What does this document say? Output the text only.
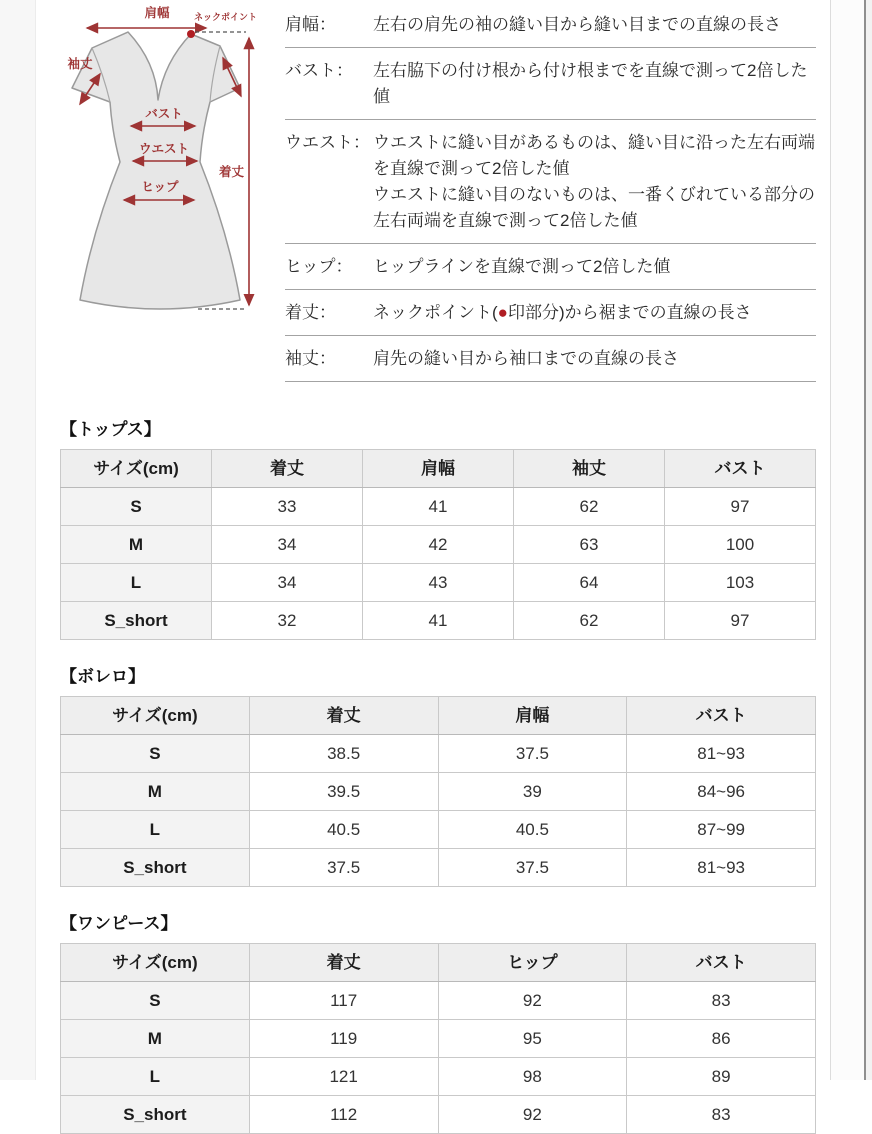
肩幅	ネックポイント
袖丈
バスト
ウエスト
ヒップ
着丈
肩幅：	左右の肩先の袖の縫い目から縫い目までの直線の長さ
バスト：	左右脇下の付け根から付け根までを直線で測って2倍した値
ウエスト： ウエストに縫い目があるものは、縫い目に沿った左右両端
を直線で測って2倍した値
ウエストに縫い目のないものは、一番くびれている部分の
左右両端を直線で測って2倍した値
ヒップ：	ヒップラインを直線で測って2倍した値
着丈：	ネックポイント(●印部分)から裾までの直線の長さ
袖丈：	肩先の縫い目から袖口までの直線の長さ
【トップス】
サイズ(cm)	着丈	肩幅	袖丈	バスト
S	33	41	62	97
M	34	42	63	100
L	34	43	64	103
S_short	32	41	62	97
【ボレロ】
サイズ(cm)	着丈	肩幅	バスト
S	38.5	37.5	81~93
M	39.5	39	84~96
L	40.5	40.5	87~99
S_short	37.5	37.5	81~93
【ワンピース】
サイズ(cm)	着丈	ヒップ	バスト
S	117	92	83
M	119	95	86
L	121	98	89
S_short	112	92	83
